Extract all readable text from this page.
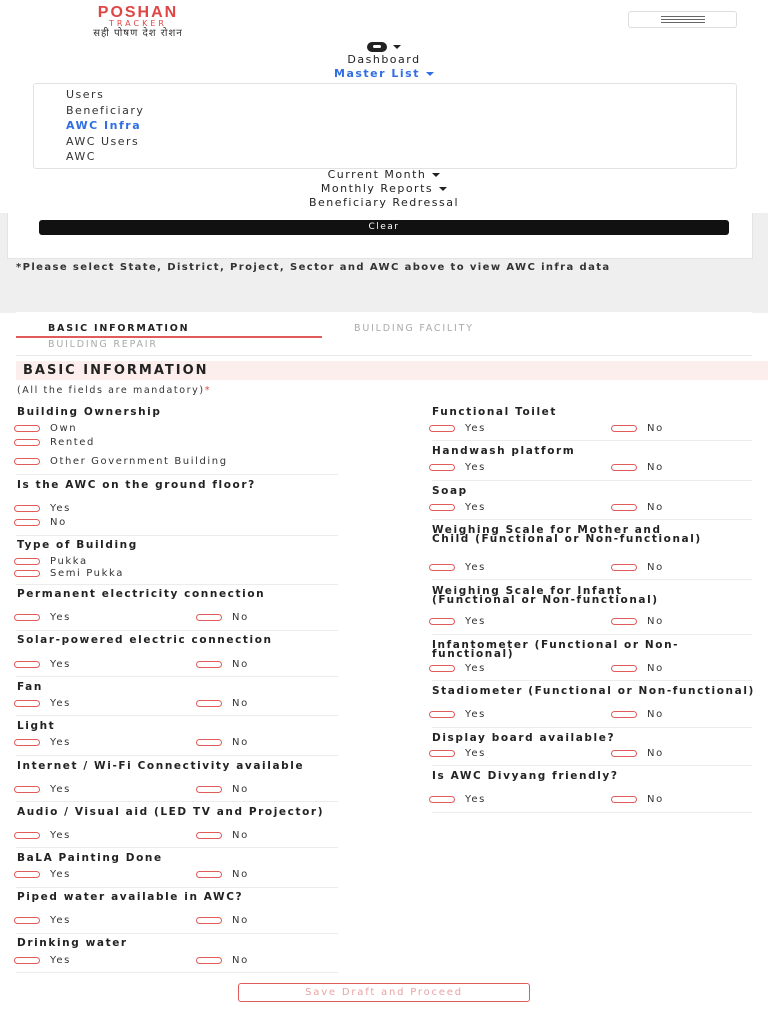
POSHAN
TRACKER
सही पोषण देश रोशन
Dashboard
Master List
Users
Beneficiary
AWC Infra
AWC Users
AWC
Current Month
Monthly Reports
Beneficiary Redressal
Clear
*Please select State, District, Project, Sector and AWC above to view AWC infra data
BASIC INFORMATION	BUILDING FACILITY
BUILDING REPAIR
BASIC INFORMATION
(All the fields are mandatory)*
Building Ownership
Own
Rented
Other Government Building
Is the AWC on the ground floor?
Yes
No
Type of Building
Pukka
Semi Pukka
Permanent electricity connection
Yes	No
Solar-powered electric connection
Yes	No
Fan
Yes	No
Light
Yes	No
Internet / Wi-Fi Connectivity available
Yes	No
Audio / Visual aid (LED TV and Projector)
Yes	No
BaLA Painting Done
Yes	No
Piped water available in AWC?
Yes	No
Drinking water
Yes	No
Functional Toilet
Yes	No
Handwash platform
Yes	No
Soap
Yes	No
Weighing Scale for Mother and Child (Functional or Non-functional)
Yes	No
Weighing Scale for Infant (Functional or Non-functional)
Yes	No
Infantometer (Functional or Non-functional)
Yes	No
Stadiometer (Functional or Non-functional)
Yes	No
Display board available?
Yes	No
Is AWC Divyang friendly?
Yes	No
Save Draft and Proceed
